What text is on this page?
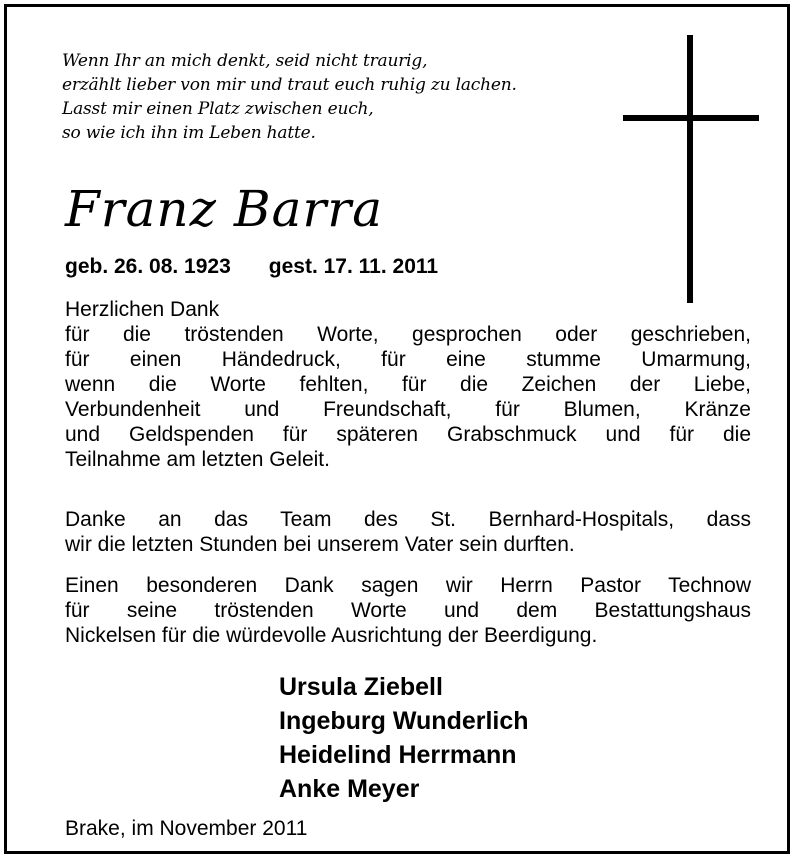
Wenn Ihr an mich denkt, seid nicht traurig,
erzählt lieber von mir und traut euch ruhig zu lachen.
Lasst mir einen Platz zwischen euch,
so wie ich ihn im Leben hatte.
Franz Barra
geb. 26. 08. 1923 gest. 17. 11. 2011
Herzlichen Dank
für die tröstenden Worte, gesprochen oder geschrieben,
für einen Händedruck, für eine stumme Umarmung,
wenn die Worte fehlten, für die Zeichen der Liebe,
Verbundenheit und Freundschaft, für Blumen, Kränze
und Geldspenden für späteren Grabschmuck und für die
Teilnahme am letzten Geleit.
Danke an das Team des St. Bernhard-Hospitals, dass
wir die letzten Stunden bei unserem Vater sein durften.
Einen besonderen Dank sagen wir Herrn Pastor Technow
für seine tröstenden Worte und dem Bestattungshaus
Nickelsen für die würdevolle Ausrichtung der Beerdigung.
Ursula Ziebell
Ingeburg Wunderlich
Heidelind Herrmann
Anke Meyer
Brake, im November 2011
